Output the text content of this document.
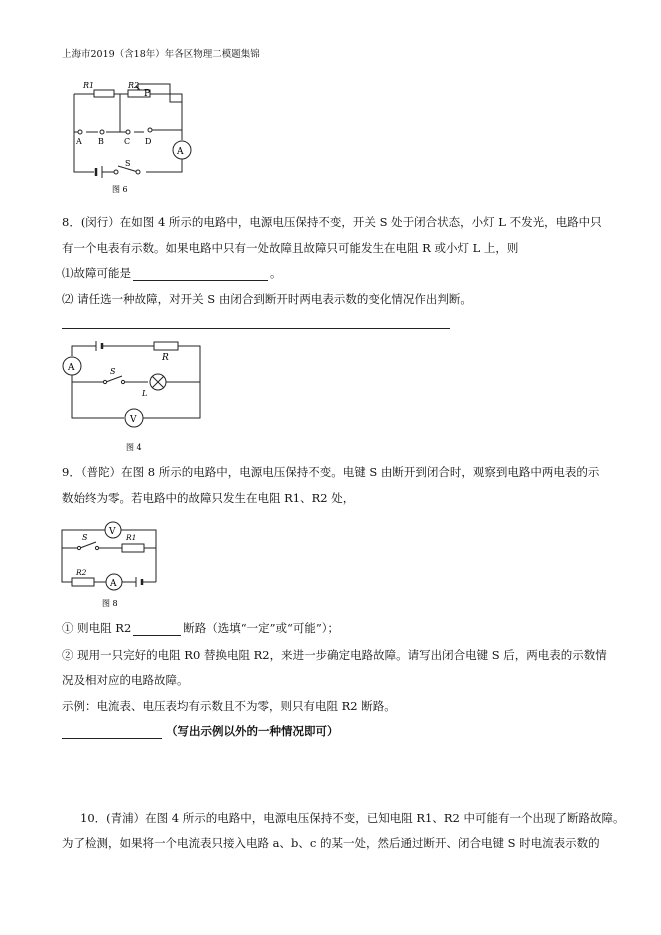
上海市2019（含18年）年各区物理二模题集锦
R1	R2
P
A
S
A B	C D
图 6
8．(闵行）在如图 4 所示的电路中，电源电压保持不变，开关 S 处于闭合状态，小灯 L 不发光，电路中只
有一个电表有示数。如果电路中只有一处故障且故障只可能发生在电阻 R 或小灯 L 上，则
⑴故障可能是	。
⑵ 请任选一种故障，对开关 S 由闭合到断开时两电表示数的变化情况作出判断。
A
V
R
S
L
图 4
9．（普陀）在图 8 所示的电路中，电源电压保持不变。电键 S 由断开到闭合时，观察到电路中两电表的示
数始终为零。若电路中的故障只发生在电阻 R1、R2 处，
V
A
S	R1
R2
图 8
① 则电阻 R2	断路（选填“一定”或“可能”）；
② 现用一只完好的电阻 R0 替换电阻 R2，来进一步确定电路故障。请写出闭合电键 S 后，两电表的示数情
况及相对应的电路故障。
示例：电流表、电压表均有示数且不为零，则只有电阻 R2 断路。
（写出示例以外的一种情况即可）
10．(青浦）在图 4 所示的电路中，电源电压保持不变，已知电阻 R1、R2 中可能有一个出现了断路故障。
为了检测，如果将一个电流表只接入电路 a、b、c 的某一处，然后通过断开、闭合电键 S 时电流表示数的
